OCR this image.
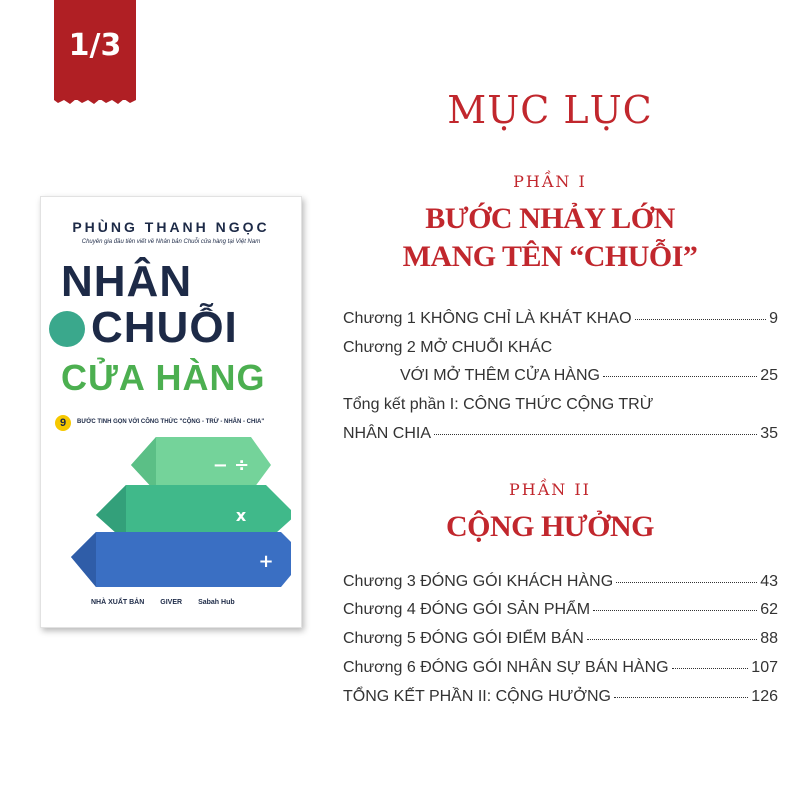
1/3
PHÙNG THANH NGỌC
Chuyên gia đầu tiên viết về Nhân bản Chuỗi cửa hàng tại Việt Nam
NHÂN
CHUỖI
CỬA HÀNG
9	BƯỚC TINH GỌN VỚI CÔNG THỨC "CỘNG - TRỪ - NHÂN - CHIA"
− ÷
x
+
NHÀ XUẤT BẢN GIVER Sabah Hub
MỤC LỤC
PHẦN I
BƯỚC NHẢY LỚN
MANG TÊN “CHUỖI”
Chương 1 KHÔNG CHỈ LÀ KHÁT KHAO	9
Chương 2 MỞ CHUỖI KHÁC
VỚI MỞ THÊM CỬA HÀNG	25
Tổng kết phần I: CÔNG THỨC CỘNG TRỪ
NHÂN CHIA	35
PHẦN II
CỘNG HƯỞNG
Chương 3 ĐÓNG GÓI KHÁCH HÀNG	43
Chương 4 ĐÓNG GÓI SẢN PHẨM	62
Chương 5 ĐÓNG GÓI ĐIỂM BÁN	88
Chương 6 ĐÓNG GÓI NHÂN SỰ BÁN HÀNG	107
TỔNG KẾT PHẦN II: CỘNG HƯỞNG	126
